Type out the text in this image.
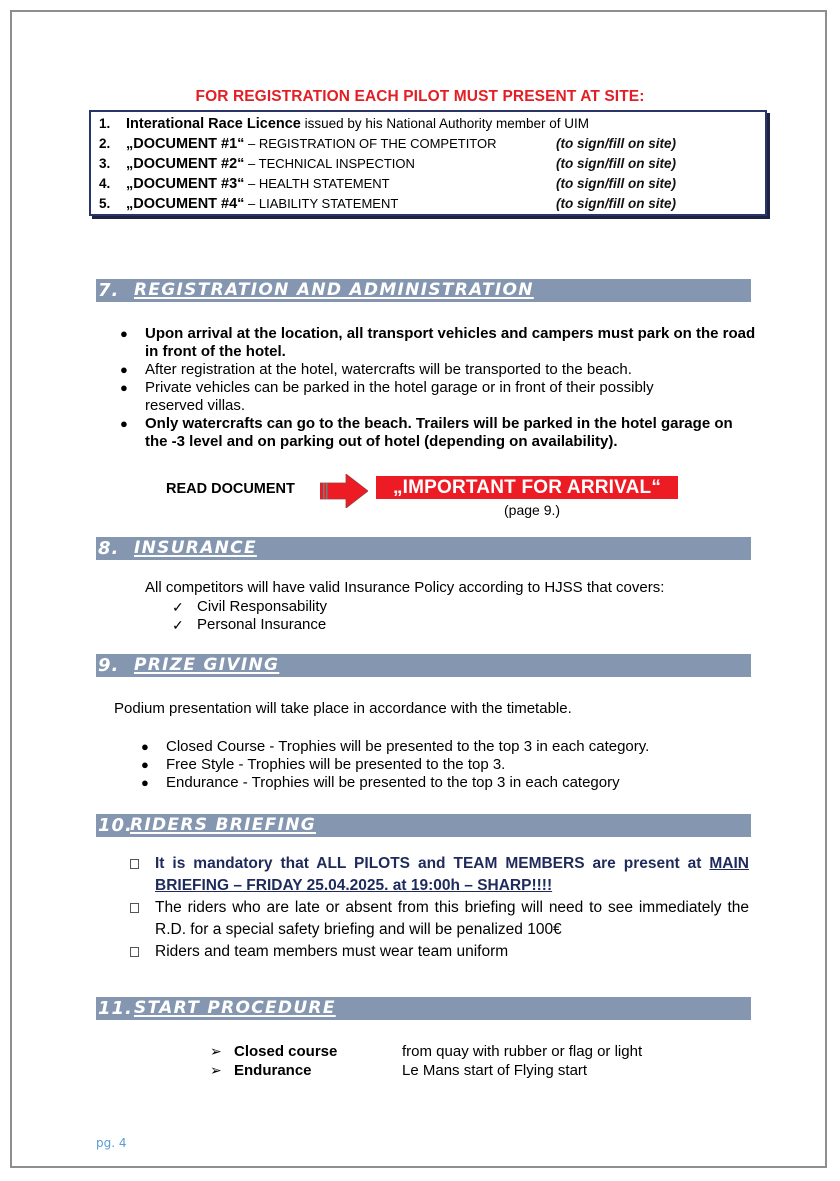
FOR REGISTRATION EACH PILOT MUST PRESENT AT SITE:
1. Interational Race Licence issued by his National Authority member of UIM
2. „DOCUMENT #1“ – REGISTRATION OF THE COMPETITOR	(to sign/fill on site)
3. „DOCUMENT #2“ – TECHNICAL INSPECTION	(to sign/fill on site)
4. „DOCUMENT #3“ – HEALTH STATEMENT	(to sign/fill on site)
5. „DOCUMENT #4“ – LIABILITY STATEMENT	(to sign/fill on site)
7. REGISTRATION AND ADMINISTRATION
● Upon arrival at the location, all transport vehicles and campers must park on the road in front of the hotel.
● After registration at the hotel, watercrafts will be transported to the beach.
● Private vehicles can be parked in the hotel garage or in front of their possibly reserved villas.
● Only watercrafts can go to the beach. Trailers will be parked in the hotel garage on the -3 level and on parking out of hotel (depending on availability).
READ DOCUMENT	„IMPORTANT FOR ARRIVAL“
(page 9.)
8. INSURANCE
All competitors will have valid Insurance Policy according to HJSS that covers:
✓ Civil Responsability
✓ Personal Insurance
9. PRIZE GIVING
Podium presentation will take place in accordance with the timetable.
● Closed Course - Trophies will be presented to the top 3 in each category.
● Free Style - Trophies will be presented to the top 3.
● Endurance - Trophies will be presented to the top 3 in each category
10.
RIDERS BRIEFING
It is mandatory that ALL PILOTS and TEAM MEMBERS are present at MAIN BRIEFING – FRIDAY 25.04.2025. at 19:00h – SHARP!!!!
The riders who are late or absent from this briefing will need to see immediately the R.D. for a special safety briefing and will be penalized 100€
Riders and team members must wear team uniform
11. START PROCEDURE
➢ Closed course	from quay with rubber or flag or light
➢ Endurance	Le Mans start of Flying start
pg. 4
